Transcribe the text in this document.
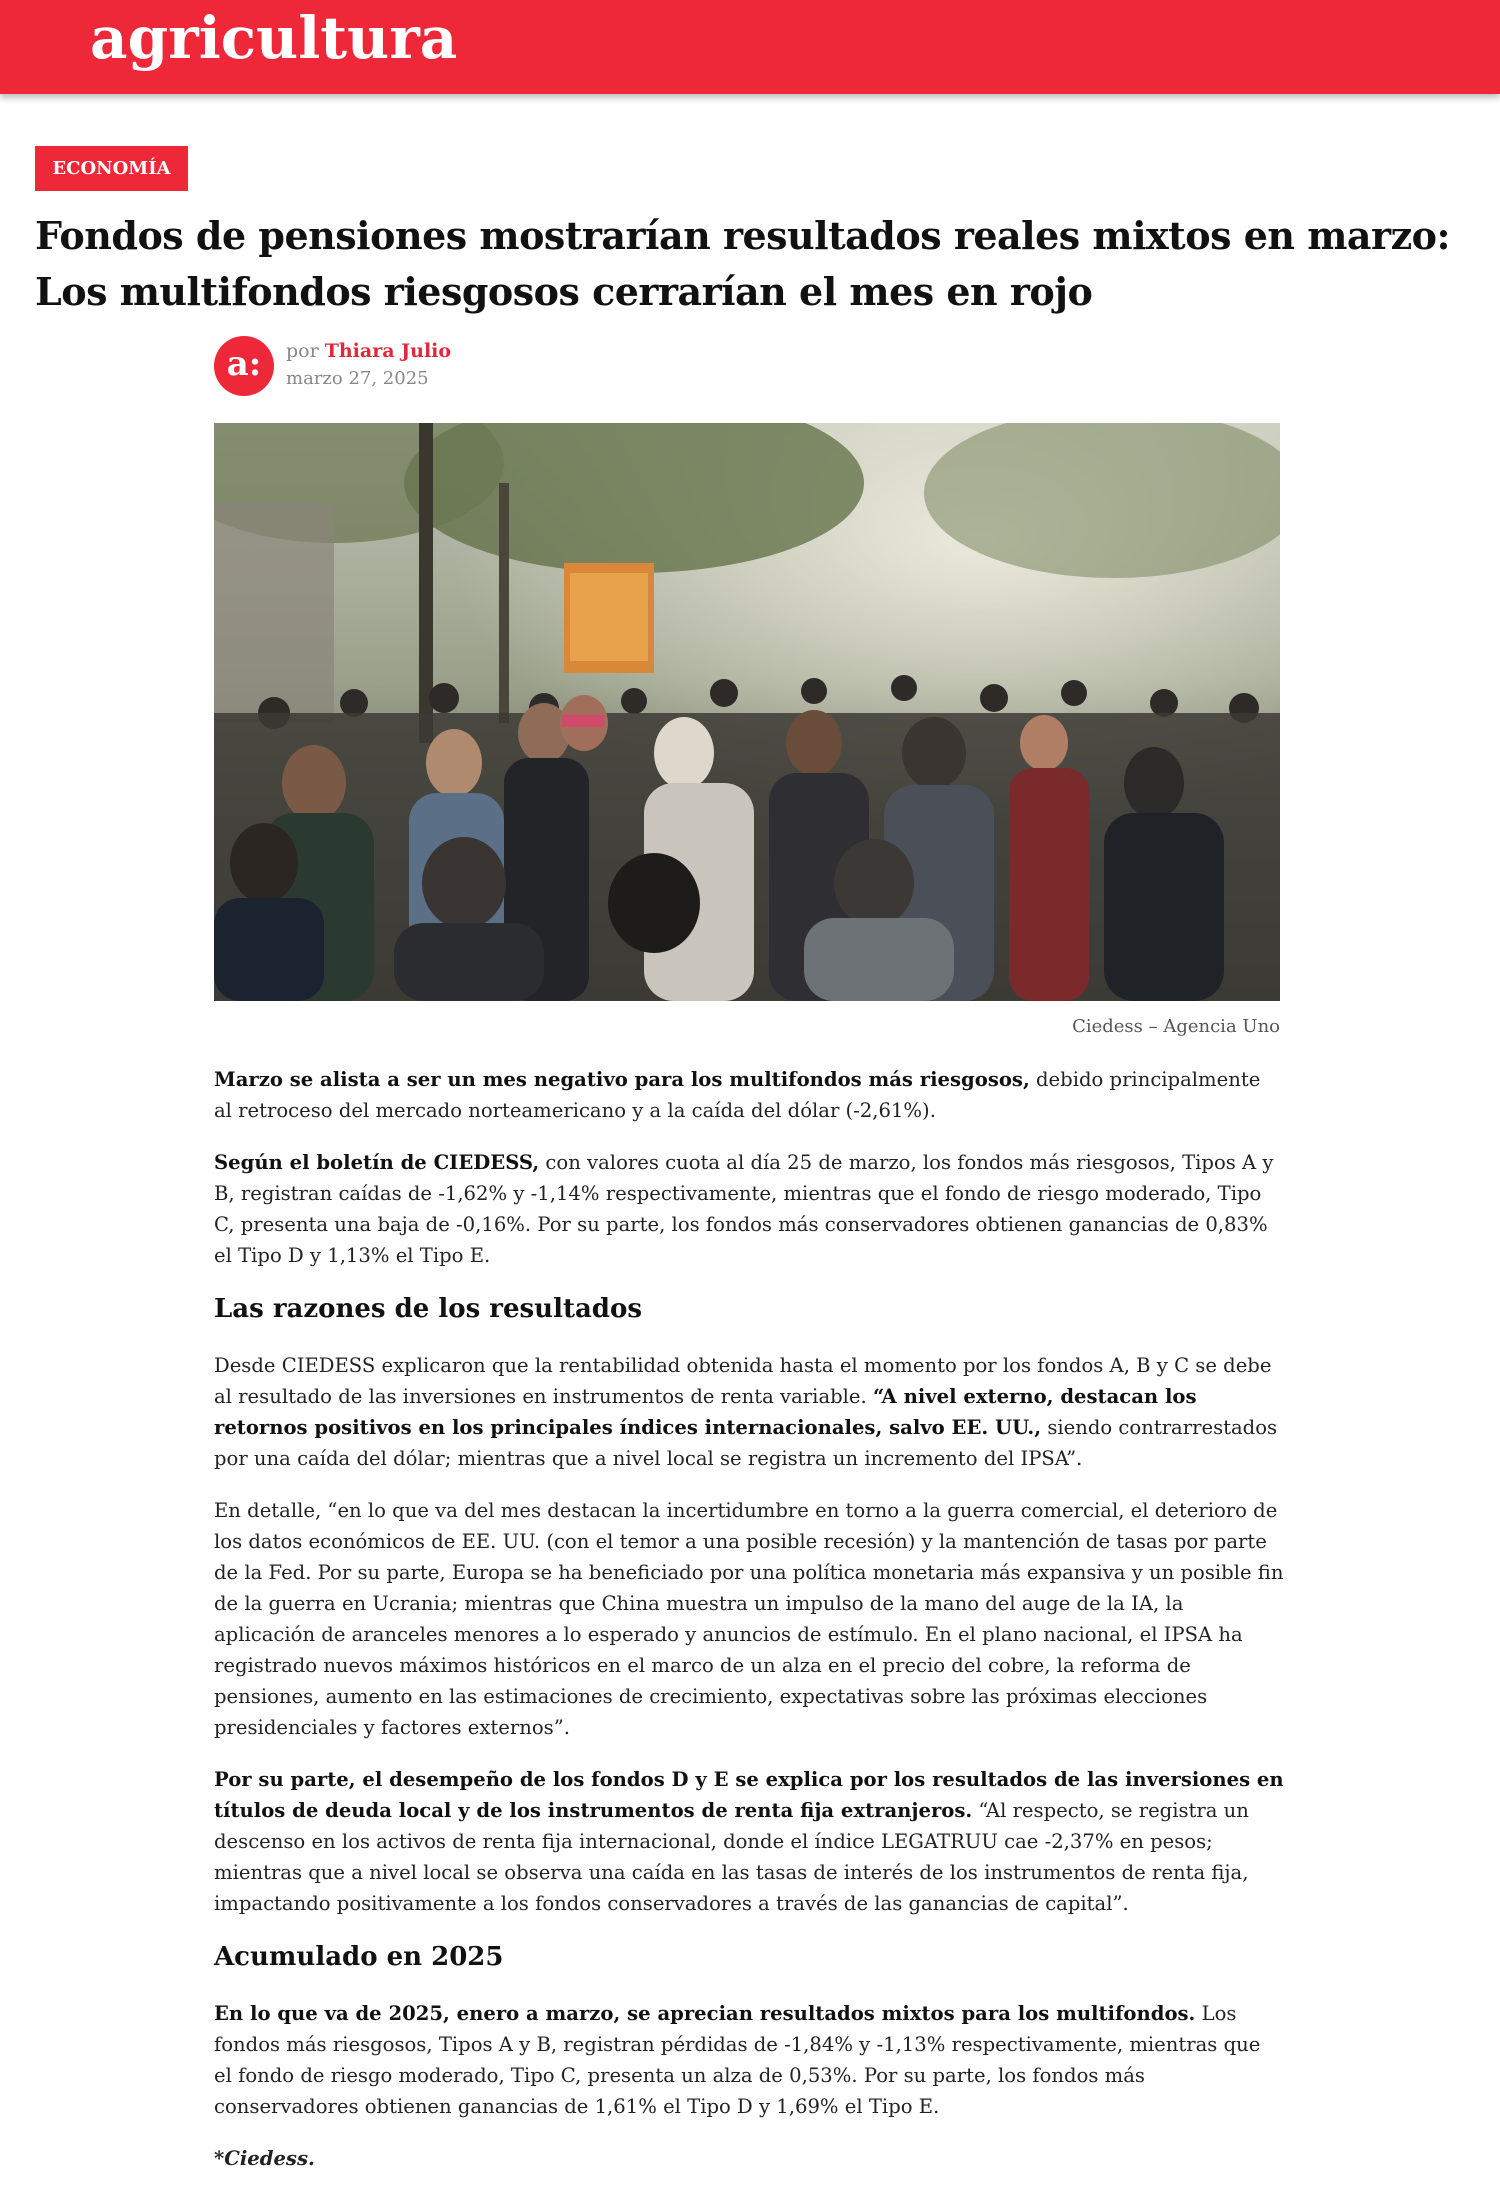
agricultura
ECONOMÍA
Fondos de pensiones mostrarían resultados reales mixtos en marzo: Los multifondos riesgosos cerrarían el mes en rojo
a:	por Thiara Julio
marzo 27, 2025
Ciedess – Agencia Uno

Marzo se alista a ser un mes negativo para los multifondos más riesgosos, debido principalmente al retroceso del mercado norteamericano y a la caída del dólar (-2,61%).

Según el boletín de CIEDESS, con valores cuota al día 25 de marzo, los fondos más riesgosos, Tipos A y B, registran caídas de -1,62% y -1,14% respectivamente, mientras que el fondo de riesgo moderado, Tipo C, presenta una baja de -0,16%. Por su parte, los fondos más conservadores obtienen ganancias de 0,83% el Tipo D y 1,13% el Tipo E.

Las razones de los resultados

Desde CIEDESS explicaron que la rentabilidad obtenida hasta el momento por los fondos A, B y C se debe al resultado de las inversiones en instrumentos de renta variable. “A nivel externo, destacan los retornos positivos en los principales índices internacionales, salvo EE. UU., siendo contrarrestados por una caída del dólar; mientras que a nivel local se registra un incremento del IPSA”.

En detalle, “en lo que va del mes destacan la incertidumbre en torno a la guerra comercial, el deterioro de los datos económicos de EE. UU. (con el temor a una posible recesión) y la mantención de tasas por parte de la Fed. Por su parte, Europa se ha beneficiado por una política monetaria más expansiva y un posible fin de la guerra en Ucrania; mientras que China muestra un impulso de la mano del auge de la IA, la aplicación de aranceles menores a lo esperado y anuncios de estímulo. En el plano nacional, el IPSA ha registrado nuevos máximos históricos en el marco de un alza en el precio del cobre, la reforma de pensiones, aumento en las estimaciones de crecimiento, expectativas sobre las próximas elecciones presidenciales y factores externos”.

Por su parte, el desempeño de los fondos D y E se explica por los resultados de las inversiones en títulos de deuda local y de los instrumentos de renta fija extranjeros. “Al respecto, se registra un descenso en los activos de renta fija internacional, donde el índice LEGATRUU cae -2,37% en pesos; mientras que a nivel local se observa una caída en las tasas de interés de los instrumentos de renta fija, impactando positivamente a los fondos conservadores a través de las ganancias de capital”.

Acumulado en 2025

En lo que va de 2025, enero a marzo, se aprecian resultados mixtos para los multifondos. Los fondos más riesgosos, Tipos A y B, registran pérdidas de -1,84% y -1,13% respectivamente, mientras que el fondo de riesgo moderado, Tipo C, presenta un alza de 0,53%. Por su parte, los fondos más conservadores obtienen ganancias de 1,61% el Tipo D y 1,69% el Tipo E.

*Ciedess.
